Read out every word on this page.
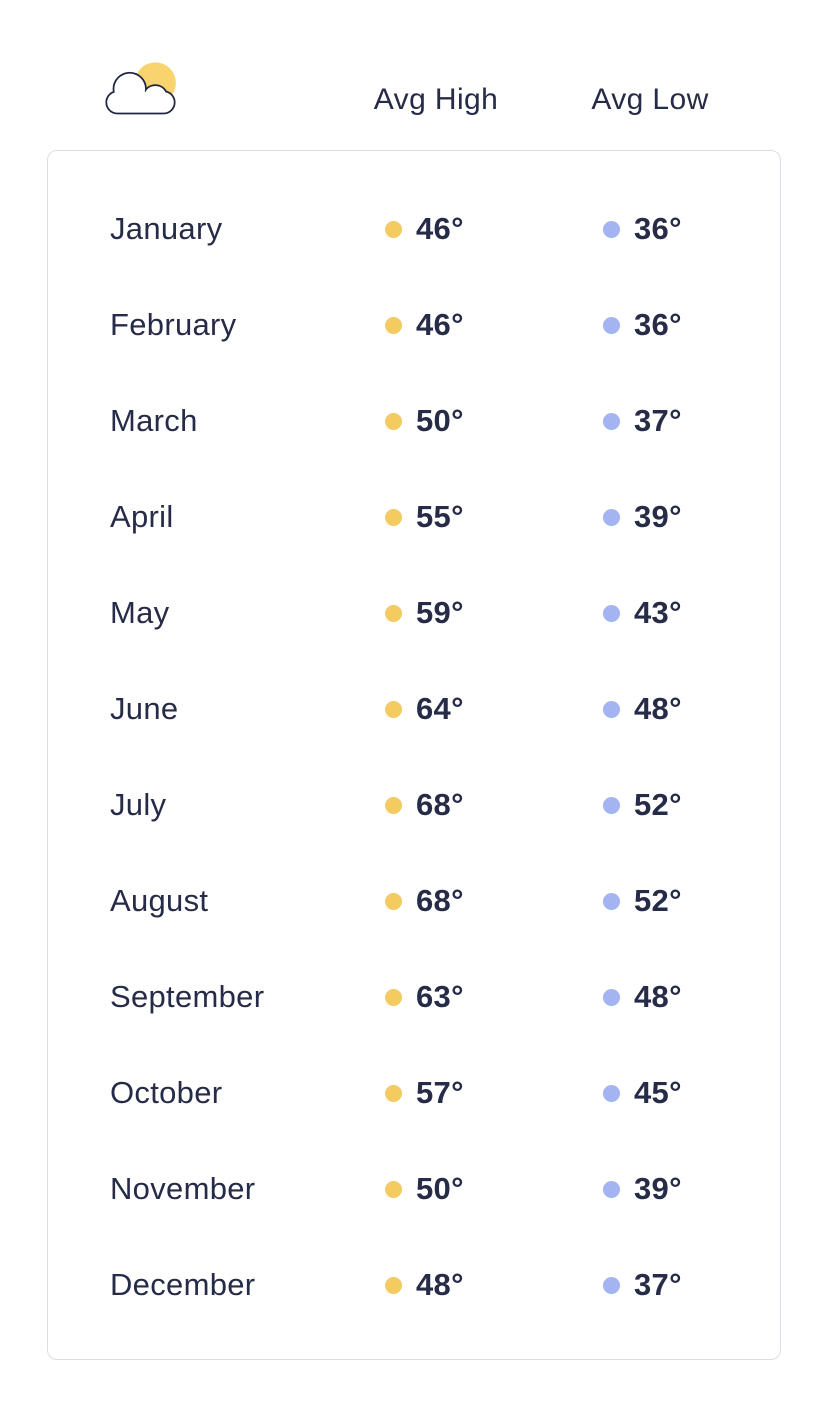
Avg High	Avg Low
January	46°	36°
February	46°	36°
March	50°	37°
April	55°	39°
May	59°	43°
June	64°	48°
July	68°	52°
August	68°	52°
September	63°	48°
October	57°	45°
November	50°	39°
December	48°	37°
